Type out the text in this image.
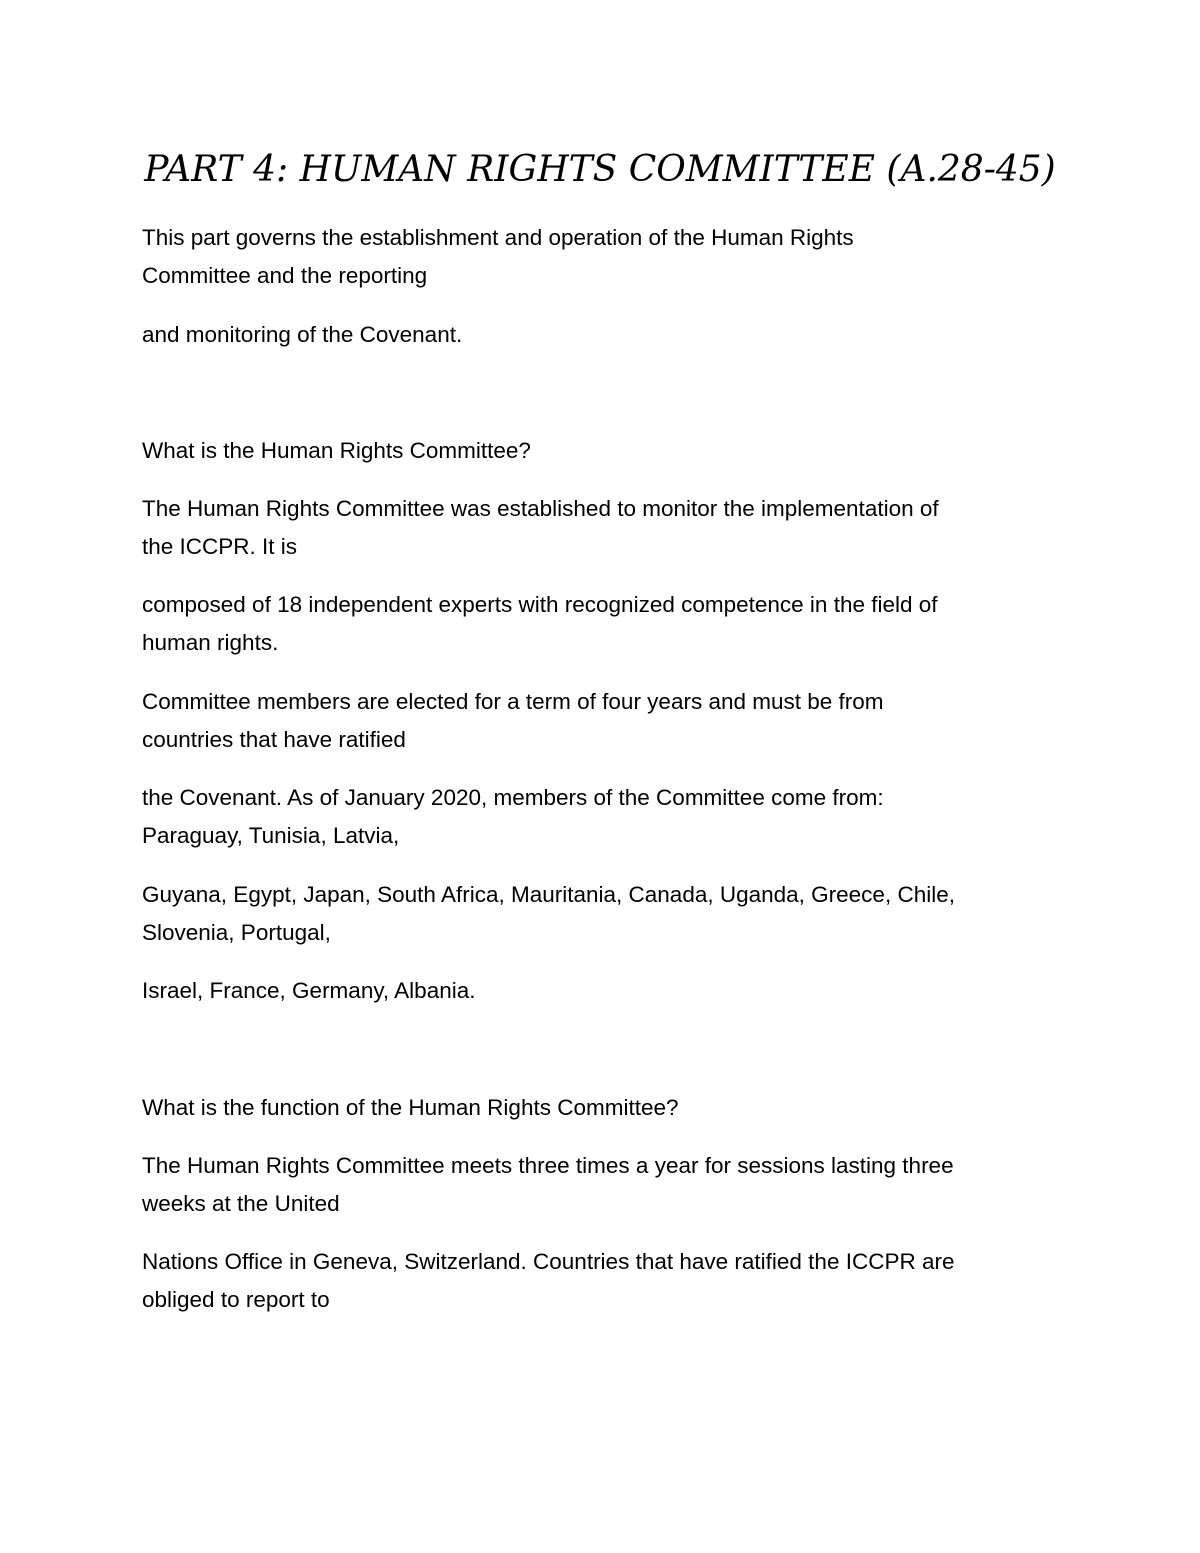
PART 4: HUMAN RIGHTS COMMITTEE (A.28-45)
This part governs the establishment and operation of the Human Rights
Committee and the reporting
and monitoring of the Covenant.
What is the Human Rights Committee?
The Human Rights Committee was established to monitor the implementation of
the ICCPR. It is
composed of 18 independent experts with recognized competence in the field of
human rights.
Committee members are elected for a term of four years and must be from
countries that have ratified
the Covenant. As of January 2020, members of the Committee come from:
Paraguay, Tunisia, Latvia,
Guyana, Egypt, Japan, South Africa, Mauritania, Canada, Uganda, Greece, Chile,
Slovenia, Portugal,
Israel, France, Germany, Albania.
What is the function of the Human Rights Committee?
The Human Rights Committee meets three times a year for sessions lasting three
weeks at the United
Nations Office in Geneva, Switzerland. Countries that have ratified the ICCPR are
obliged to report to
